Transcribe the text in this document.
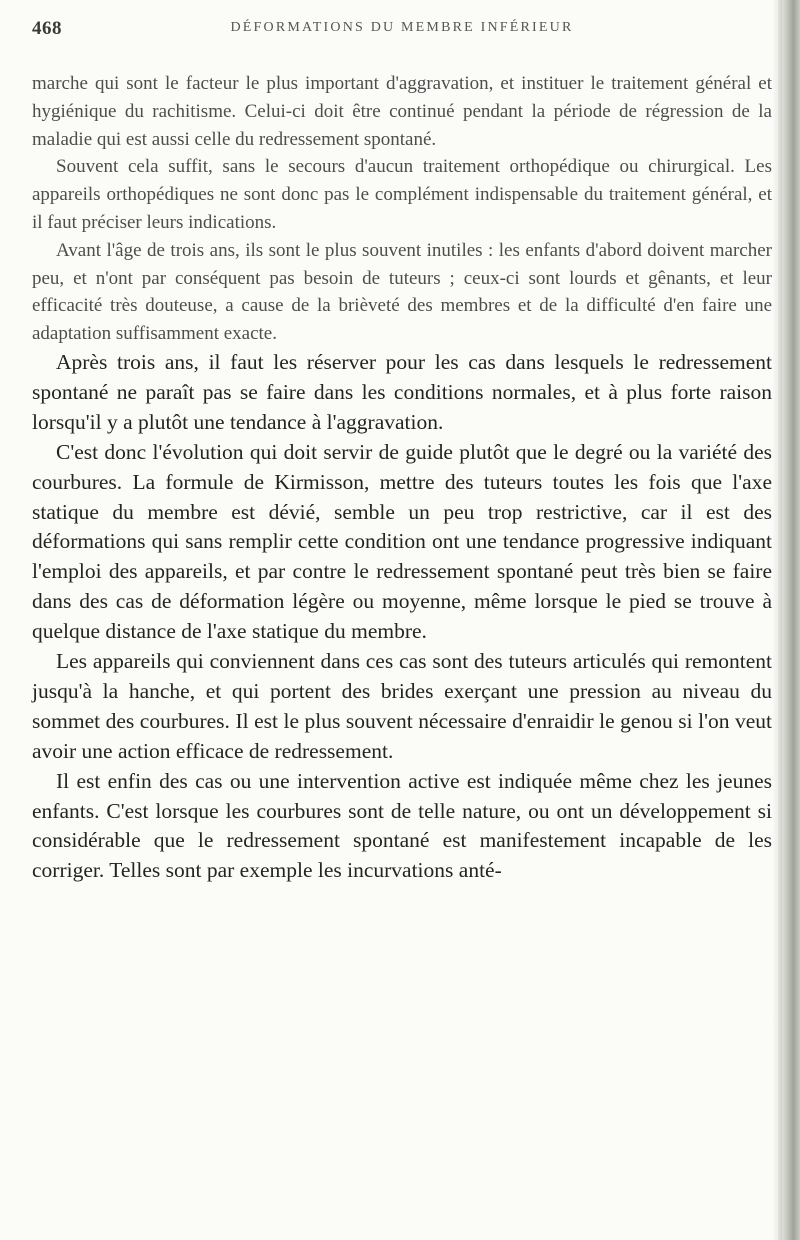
468	DÉFORMATIONS DU MEMBRE INFÉRIEUR

marche qui sont le facteur le plus important d'aggravation, et instituer le traitement général et hygiénique du rachitisme. Celui-ci doit être continué pendant la période de régression de la maladie qui est aussi celle du redressement spontané.

Souvent cela suffit, sans le secours d'aucun traitement orthopédique ou chirurgical. Les appareils orthopédiques ne sont donc pas le complément indispensable du traitement général, et il faut préciser leurs indications.

Avant l'âge de trois ans, ils sont le plus souvent inutiles : les enfants d'abord doivent marcher peu, et n'ont par conséquent pas besoin de tuteurs ; ceux-ci sont lourds et gênants, et leur efficacité très douteuse, a cause de la brièveté des membres et de la difficulté d'en faire une adaptation suffisamment exacte.

Après trois ans, il faut les réserver pour les cas dans lesquels le redressement spontané ne paraît pas se faire dans les conditions normales, et à plus forte raison lorsqu'il y a plutôt une tendance à l'aggravation.

C'est donc l'évolution qui doit servir de guide plutôt que le degré ou la variété des courbures. La formule de Kirmisson, mettre des tuteurs toutes les fois que l'axe statique du membre est dévié, semble un peu trop restrictive, car il est des déformations qui sans remplir cette condition ont une tendance progressive indiquant l'emploi des appareils, et par contre le redressement spontané peut très bien se faire dans des cas de déformation légère ou moyenne, même lorsque le pied se trouve à quelque distance de l'axe statique du membre.

Les appareils qui conviennent dans ces cas sont des tuteurs articulés qui remontent jusqu'à la hanche, et qui portent des brides exerçant une pression au niveau du sommet des courbures. Il est le plus souvent nécessaire d'enraidir le genou si l'on veut avoir une action efficace de redressement.

Il est enfin des cas ou une intervention active est indiquée même chez les jeunes enfants. C'est lorsque les courbures sont de telle nature, ou ont un développement si considérable que le redressement spontané est manifestement incapable de les corriger. Telles sont par exemple les incurvations anté-
